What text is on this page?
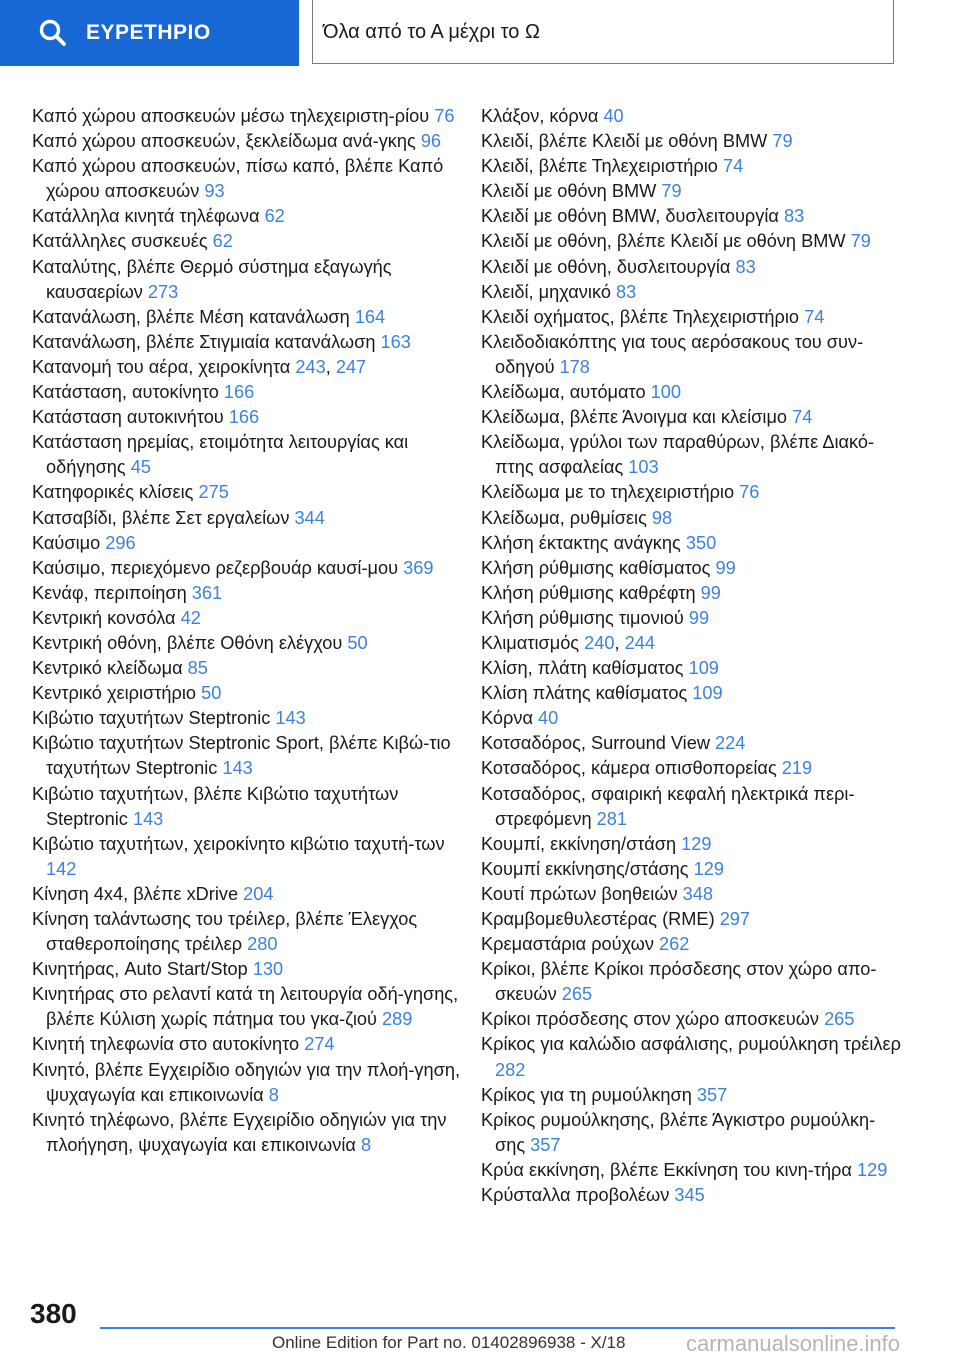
ΕΥΡΕΤΗΡΙΟ	Όλα από το Α μέχρι το Ω
Καπό χώρου αποσκευών μέσω τηλεχειριστη-ρίου 76
Καπό χώρου αποσκευών, ξεκλείδωμα ανά-γκης 96
Καπό χώρου αποσκευών, πίσω καπό, βλέπε Καπό χώρου αποσκευών 93
Κατάλληλα κινητά τηλέφωνα 62
Κατάλληλες συσκευές 62
Καταλύτης, βλέπε Θερμό σύστημα εξαγωγής καυσαερίων 273
Κατανάλωση, βλέπε Μέση κατανάλωση 164
Κατανάλωση, βλέπε Στιγμιαία κατανάλωση 163
Κατανομή του αέρα, χειροκίνητα 243, 247
Κατάσταση, αυτοκίνητο 166
Κατάσταση αυτοκινήτου 166
Κατάσταση ηρεμίας, ετοιμότητα λειτουργίας και οδήγησης 45
Κατηφορικές κλίσεις 275
Κατσαβίδι, βλέπε Σετ εργαλείων 344
Καύσιμο 296
Καύσιμο, περιεχόμενο ρεζερβουάρ καυσί-μου 369
Κενάφ, περιποίηση 361
Κεντρική κονσόλα 42
Κεντρική οθόνη, βλέπε Οθόνη ελέγχου 50
Κεντρικό κλείδωμα 85
Κεντρικό χειριστήριο 50
Κιβώτιο ταχυτήτων Steptronic 143
Κιβώτιο ταχυτήτων Steptronic Sport, βλέπε Κιβώ-τιο ταχυτήτων Steptronic 143
Κιβώτιο ταχυτήτων, βλέπε Κιβώτιο ταχυτήτων Steptronic 143
Κιβώτιο ταχυτήτων, χειροκίνητο κιβώτιο ταχυτή-των 142
Κίνηση 4x4, βλέπε xDrive 204
Κίνηση ταλάντωσης του τρέιλερ, βλέπε Έλεγχος σταθεροποίησης τρέιλερ 280
Κινητήρας, Auto Start/Stop 130
Κινητήρας στο ρελαντί κατά τη λειτουργία οδή-γησης, βλέπε Κύλιση χωρίς πάτημα του γκα-ζιού 289
Κινητή τηλεφωνία στο αυτοκίνητο 274
Κινητό, βλέπε Εγχειρίδιο οδηγιών για την πλοή-γηση, ψυχαγωγία και επικοινωνία 8
Κινητό τηλέφωνο, βλέπε Εγχειρίδιο οδηγιών για την πλοήγηση, ψυχαγωγία και επικοινωνία 8
Κλάξον, κόρνα 40
Κλειδί, βλέπε Κλειδί με οθόνη BMW 79
Κλειδί, βλέπε Τηλεχειριστήριο 74
Κλειδί με οθόνη BMW 79
Κλειδί με οθόνη BMW, δυσλειτουργία 83
Κλειδί με οθόνη, βλέπε Κλειδί με οθόνη BMW 79
Κλειδί με οθόνη, δυσλειτουργία 83
Κλειδί, μηχανικό 83
Κλειδί οχήματος, βλέπε Τηλεχειριστήριο 74
Κλειδοδιακόπτης για τους αερόσακους του συν-οδηγού 178
Κλείδωμα, αυτόματο 100
Κλείδωμα, βλέπε Άνοιγμα και κλείσιμο 74
Κλείδωμα, γρύλοι των παραθύρων, βλέπε Διακό-πτης ασφαλείας 103
Κλείδωμα με το τηλεχειριστήριο 76
Κλείδωμα, ρυθμίσεις 98
Κλήση έκτακτης ανάγκης 350
Κλήση ρύθμισης καθίσματος 99
Κλήση ρύθμισης καθρέφτη 99
Κλήση ρύθμισης τιμονιού 99
Κλιματισμός 240, 244
Κλίση, πλάτη καθίσματος 109
Κλίση πλάτης καθίσματος 109
Κόρνα 40
Κοτσαδόρος, Surround View 224
Κοτσαδόρος, κάμερα οπισθοπορείας 219
Κοτσαδόρος, σφαιρική κεφαλή ηλεκτρικά περι-στρεφόμενη 281
Κουμπί, εκκίνηση/στάση 129
Κουμπί εκκίνησης/στάσης 129
Κουτί πρώτων βοηθειών 348
Κραμβομεθυλεστέρας (RME) 297
Κρεμαστάρια ρούχων 262
Κρίκοι, βλέπε Κρίκοι πρόσδεσης στον χώρο απο-σκευών 265
Κρίκοι πρόσδεσης στον χώρο αποσκευών 265
Κρίκος για καλώδιο ασφάλισης, ρυμούλκηση τρέιλερ 282
Κρίκος για τη ρυμούλκηση 357
Κρίκος ρυμούλκησης, βλέπε Άγκιστρο ρυμούλκη-σης 357
Κρύα εκκίνηση, βλέπε Εκκίνηση του κινη-τήρα 129
Κρύσταλλα προβολέων 345
380
Online Edition for Part no. 01402896938 - X/18	carmanualsonline.info
